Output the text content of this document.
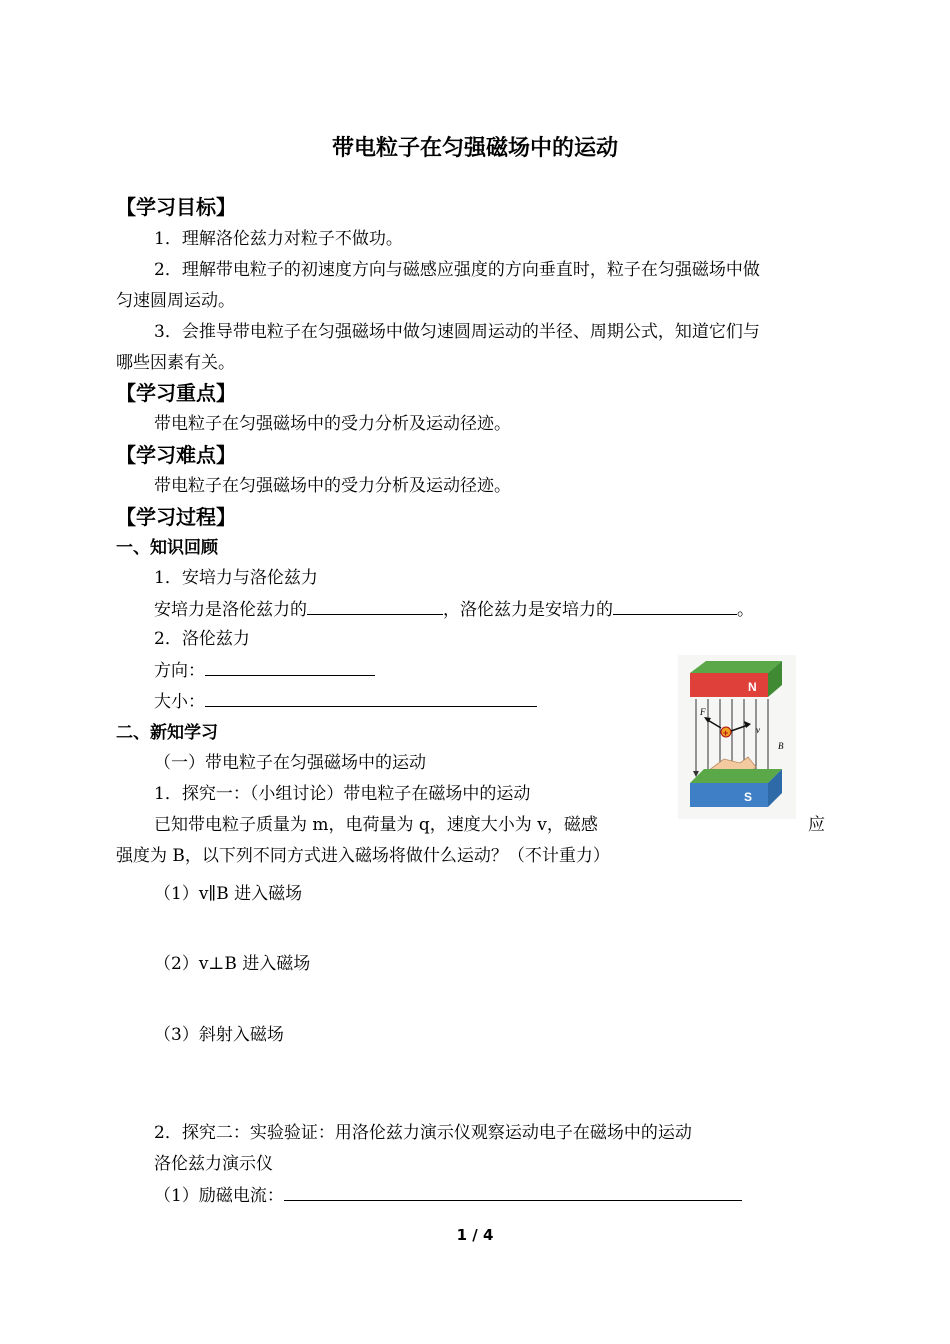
带电粒子在匀强磁场中的运动
【学习目标】
1．理解洛伦兹力对粒子不做功。
2．理解带电粒子的初速度方向与磁感应强度的方向垂直时，粒子在匀强磁场中做
匀速圆周运动。
3．会推导带电粒子在匀强磁场中做匀速圆周运动的半径、周期公式，知道它们与
哪些因素有关。
【学习重点】
带电粒子在匀强磁场中的受力分析及运动径迹。
【学习难点】
带电粒子在匀强磁场中的受力分析及运动径迹。
【学习过程】
一、知识回顾
1．安培力与洛伦兹力
安培力是洛伦兹力的	，洛伦兹力是安培力的	。
2．洛伦兹力
方向：
大小：
二、新知学习
（一）带电粒子在匀强磁场中的运动
1．探究一：（小组讨论）带电粒子在磁场中的运动
已知带电粒子质量为 m，电荷量为 q，速度大小为 v，磁感	应
强度为 B，以下列不同方式进入磁场将做什么运动？（不计重力）
（1）v∥B 进入磁场
（2）v⊥B 进入磁场
（3）斜射入磁场
2．探究二：实验验证：用洛伦兹力演示仪观察运动电子在磁场中的运动
洛伦兹力演示仪
（1）励磁电流：
N
+
F
v
B
S
1 / 4
